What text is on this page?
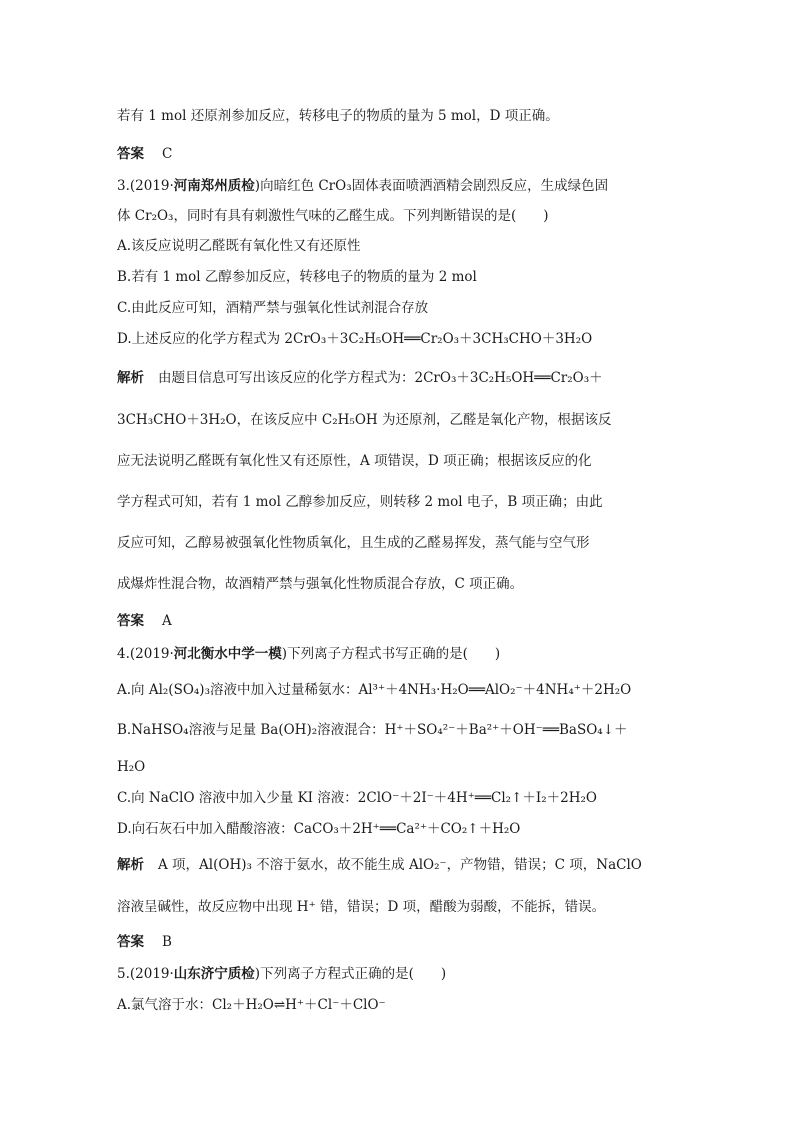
若有 1 mol 还原剂参加反应，转移电子的物质的量为 5 mol，D 项正确。
答案 C
3.(2019·河南郑州质检)向暗红色 CrO₃固体表面喷洒酒精会剧烈反应，生成绿色固
体 Cr₂O₃，同时有具有刺激性气味的乙醛生成。下列判断错误的是(　　)
A.该反应说明乙醛既有氧化性又有还原性
B.若有 1 mol 乙醇参加反应，转移电子的物质的量为 2 mol
C.由此反应可知，酒精严禁与强氧化性试剂混合存放
D.上述反应的化学方程式为 2CrO₃＋3C₂H₅OH══Cr₂O₃＋3CH₃CHO＋3H₂O
解析 由题目信息可写出该反应的化学方程式为：2CrO₃＋3C₂H₅OH══Cr₂O₃＋
3CH₃CHO＋3H₂O，在该反应中 C₂H₅OH 为还原剂，乙醛是氧化产物，根据该反
应无法说明乙醛既有氧化性又有还原性，A 项错误，D 项正确；根据该反应的化
学方程式可知，若有 1 mol 乙醇参加反应，则转移 2 mol 电子，B 项正确；由此
反应可知，乙醇易被强氧化性物质氧化，且生成的乙醛易挥发，蒸气能与空气形
成爆炸性混合物，故酒精严禁与强氧化性物质混合存放，C 项正确。
答案 A
4.(2019·河北衡水中学一模)下列离子方程式书写正确的是(　　)
A.向 Al₂(SO₄)₃溶液中加入过量稀氨水：Al³⁺＋4NH₃·H₂O══AlO₂⁻＋4NH₄⁺＋2H₂O
B.NaHSO₄溶液与足量 Ba(OH)₂溶液混合：H⁺＋SO₄²⁻＋Ba²⁺＋OH⁻══BaSO₄↓＋
H₂O
C.向 NaClO 溶液中加入少量 KI 溶液：2ClO⁻＋2I⁻＋4H⁺══Cl₂↑＋I₂＋2H₂O
D.向石灰石中加入醋酸溶液：CaCO₃＋2H⁺══Ca²⁺＋CO₂↑＋H₂O
解析 A 项，Al(OH)₃ 不溶于氨水，故不能生成 AlO₂⁻，产物错，错误；C 项，NaClO
溶液呈碱性，故反应物中出现 H⁺ 错，错误；D 项，醋酸为弱酸，不能拆，错误。
答案 B
5.(2019·山东济宁质检)下列离子方程式正确的是(　　)
A.氯气溶于水：Cl₂＋H₂O⇌H⁺＋Cl⁻＋ClO⁻
